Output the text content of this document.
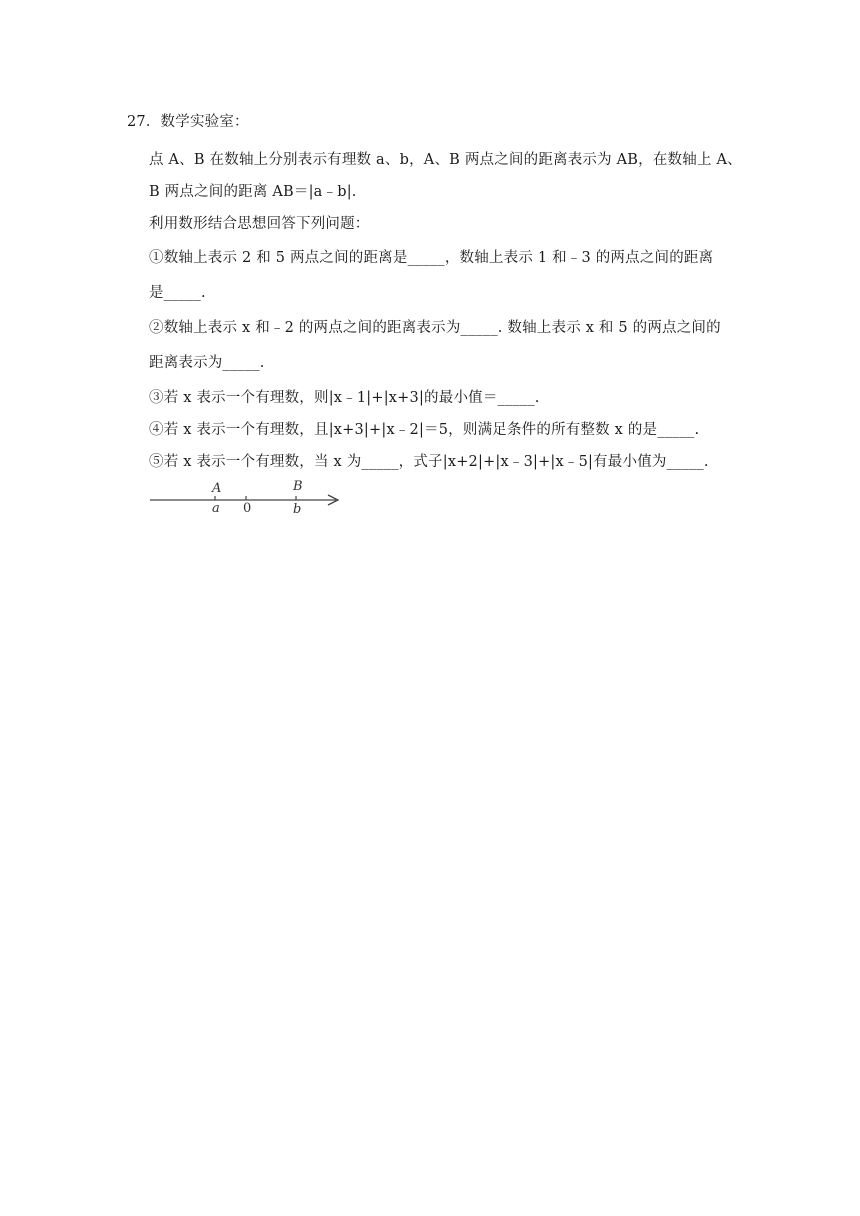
27．数学实验室：
点 A、B 在数轴上分别表示有理数 a、b，A、B 两点之间的距离表示为 AB，在数轴上 A、
B 两点之间的距离 AB＝|a﹣b|.
利用数形结合思想回答下列问题：
①数轴上表示 2 和 5 两点之间的距离是_____，数轴上表示 1 和﹣3 的两点之间的距离
是_____.
②数轴上表示 x 和﹣2 的两点之间的距离表示为_____. 数轴上表示 x 和 5 的两点之间的
距离表示为_____.
③若 x 表示一个有理数，则|x﹣1|+|x+3|的最小值＝_____.
④若 x 表示一个有理数，且|x+3|+|x﹣2|＝5，则满足条件的所有整数 x 的是_____.
⑤若 x 表示一个有理数，当 x 为_____，式子|x+2|+|x﹣3|+|x﹣5|有最小值为_____.
A	B
a 0	b
